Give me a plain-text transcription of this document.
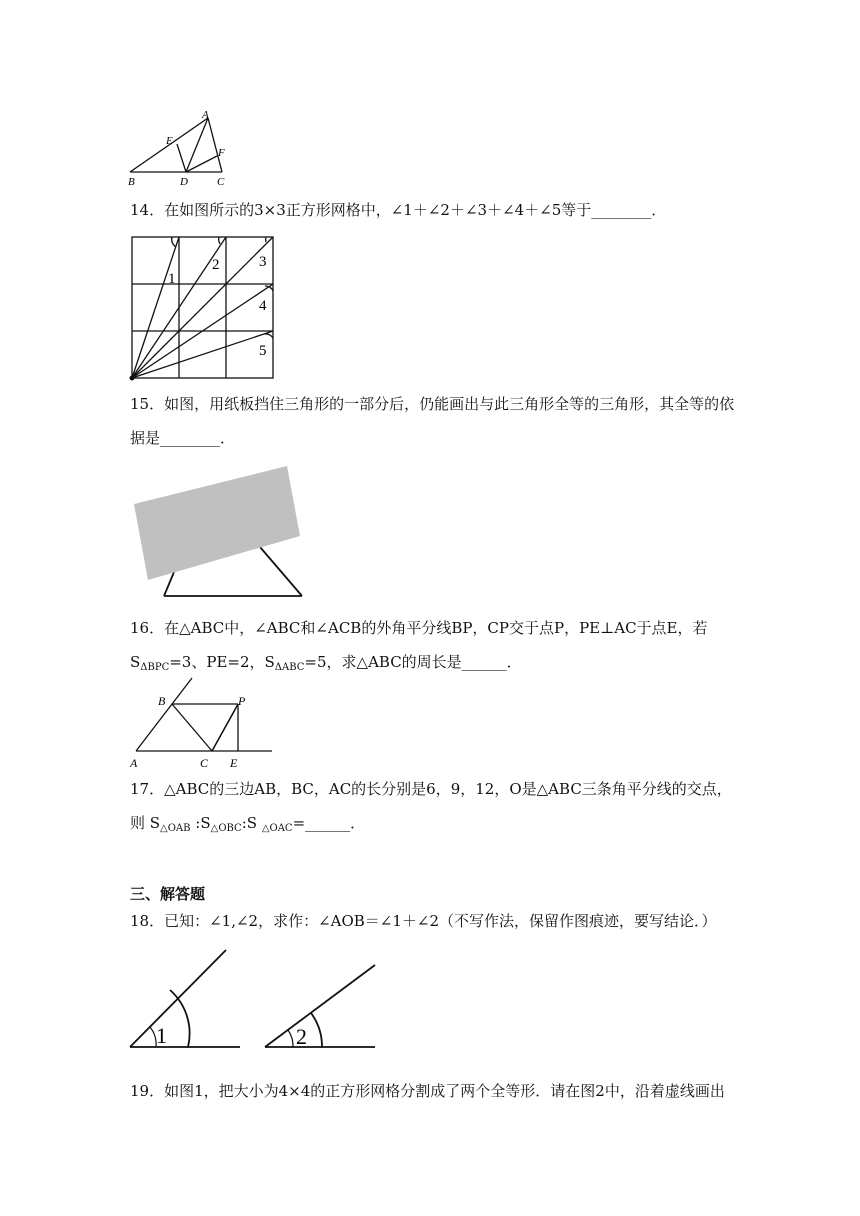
A
E
F
B	D	C
14．在如图所示的3×3正方形网格中，∠1＋∠2＋∠3＋∠4＋∠5等于________．
1
2	3
4
5
15．如图，用纸板挡住三角形的一部分后，仍能画出与此三角形全等的三角形，其全等的依
据是________．
16．在△ABC中，∠ABC和∠ACB的外角平分线BP，CP交于点P，PE⊥AC于点E，若
$S_{\Delta BPC}=3$、PE=2，$S_{\Delta ABC}=5$，求△ABC的周长是______．
B	P
A	C E
17．△ABC的三边AB，BC，AC的长分别是6，9，12，O是△ABC三条角平分线的交点，
则 $S_{\triangle OAB}$ $:S_{\triangle OBC}:S$ $_{\triangle OAC}$=______．
三、解答题
18．已知：∠1,∠2，求作：∠AOB＝∠1＋∠2（不写作法，保留作图痕迹，要写结论．）
1	2
19．如图1，把大小为4×4的正方形网格分割成了两个全等形．请在图2中，沿着虚线画出
